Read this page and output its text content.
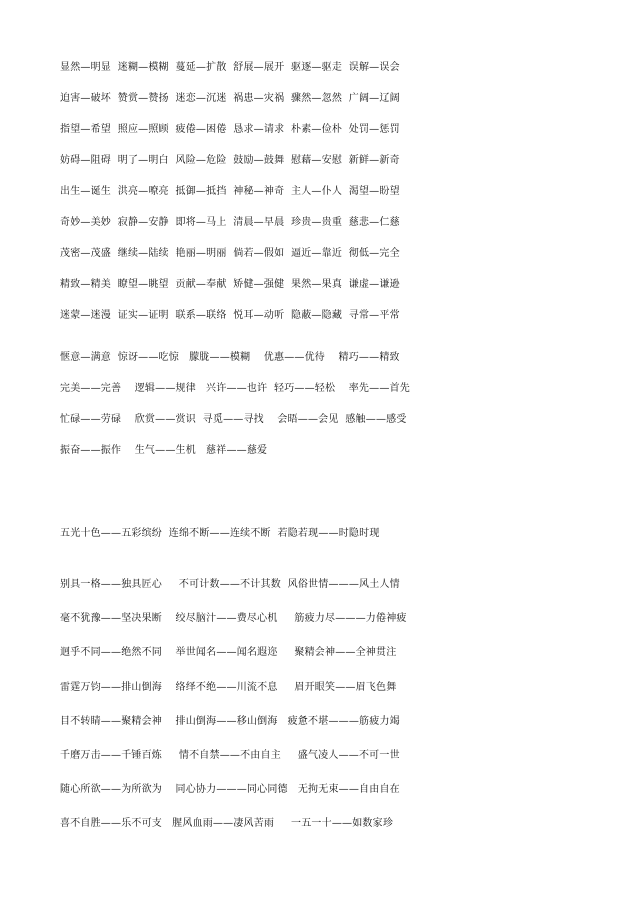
显然—明显  迷糊—模糊  蔓延—扩散  舒展—展开  驱逐—驱走  误解—误会
迫害—破坏  赞赏—赞扬  迷恋—沉迷  祸患—灾祸  骤然—忽然  广阔—辽阔
指望—希望  照应—照顾  疲倦—困倦  恳求—请求  朴素—俭朴  处罚—惩罚
妨碍—阻碍  明了—明白  风险—危险  鼓励—鼓舞  慰藉—安慰  新鲜—新奇
出生—诞生  洪亮—嘹亮  抵御—抵挡  神秘—神奇  主人—仆人  渴望—盼望
奇妙—美妙  寂静—安静  即将—马上  清晨—早晨  珍贵—贵重  慈悲—仁慈
茂密—茂盛  继续—陆续  艳丽—明丽  倘若—假如  逼近—靠近  彻低—完全
精致—精美  瞭望—眺望  贡献—奉献  矫健—强健  果然—果真  谦虚—谦逊
迷蒙—迷漫  证实—证明  联系—联络  悦耳—动听  隐蔽—隐藏  寻常—平常
惬意—满意  惊讶——吃惊   朦胧——模糊    优惠——优待    精巧——精致
完美——完善    逻辑——规律   兴许——也许  轻巧——轻松    率先——首先
忙碌——劳碌    欣赏——赏识  寻觅——寻找    会晤——会见  感触——感受
振奋——振作    生气——生机   慈祥——慈爱
五光十色——五彩缤纷  连绵不断——连续不断  若隐若现——时隐时现
别具一格——独具匠心     不可计数——不计其数  风俗世情———风土人情
毫不犹豫——坚决果断    绞尽脑汁——费尽心机     筋疲力尽———力倦神疲
迥乎不同——绝然不同    举世闻名——闻名遐迩     聚精会神——全神贯注
雷霆万钧——排山倒海    络绎不绝——川流不息     眉开眼笑——眉飞色舞
目不转睛——聚精会神    排山倒海——移山倒海   疲惫不堪———筋疲力竭
千磨万击——千锤百炼     情不自禁——不由自主     盛气凌人——不可一世
随心所欲——为所欲为    同心协力———同心同德   无拘无束——自由自在
喜不自胜——乐不可支   腥风血雨——凄风苦雨     一五一十——如数家珍
